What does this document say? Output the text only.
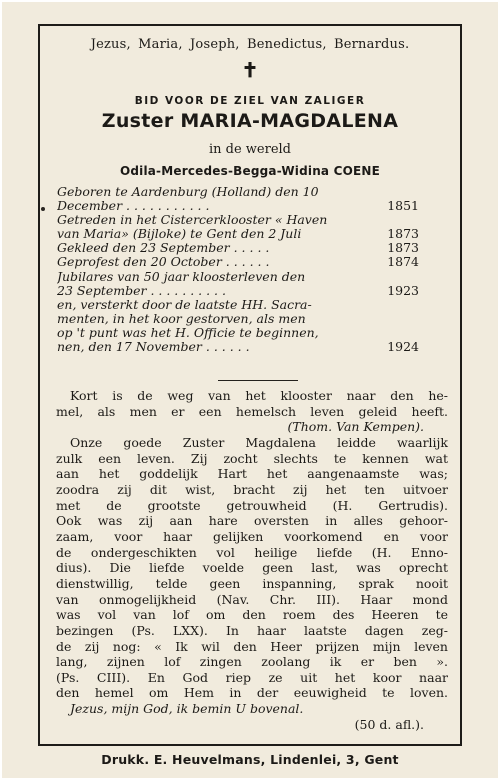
Jezus, Maria, Joseph, Benedictus, Bernardus.
✝
BID VOOR DE ZIEL VAN ZALIGER
Zuster MARIA-MAGDALENA
in de wereld
Odila-Mercedes-Begga-Widina COENE
Geboren te Aardenburg (Holland) den 10
December . . . . . . . . . . .	1851
Getreden in het Cistercerklooster « Haven
van Maria» (Bijloke) te Gent den 2 Juli	1873
Gekleed den 23 September . . . . .	1873
Geprofest den 20 October . . . . . .	1874
Jubilares van 50 jaar kloosterleven den
23 September . . . . . . . . . .	1923
en, versterkt door de laatste HH. Sacra-
menten, in het koor gestorven, als men
op 't punt was het H. Officie te beginnen,
nen, den 17 November . . . . . .	1924
Kort is de weg van het klooster naar den he-
mel, als men er een hemelsch leven geleid heeft.
(Thom. Van Kempen).
Onze goede Zuster Magdalena leidde waarlijk
zulk een leven. Zij zocht slechts te kennen wat
aan het goddelijk Hart het aangenaamste was;
zoodra zij dit wist, bracht zij het ten uitvoer
met de grootste getrouwheid (H. Gertrudis).
Ook was zij aan hare oversten in alles gehoor-
zaam, voor haar gelijken voorkomend en voor
de ondergeschikten vol heilige liefde (H. Enno-
dius). Die liefde voelde geen last, was oprecht
dienstwillig, telde geen inspanning, sprak nooit
van onmogelijkheid (Nav. Chr. III). Haar mond
was vol van lof om den roem des Heeren te
bezingen (Ps. LXX). In haar laatste dagen zeg-
de zij nog: « Ik wil den Heer prijzen mijn leven
lang, zijnen lof zingen zoolang ik er ben ».
(Ps. CIII). En God riep ze uit het koor naar
den hemel om Hem in der eeuwigheid te loven.
Jezus, mijn God, ik bemin U bovenal.
(50 d. afl.).
Drukk. E. Heuvelmans, Lindenlei, 3, Gent
